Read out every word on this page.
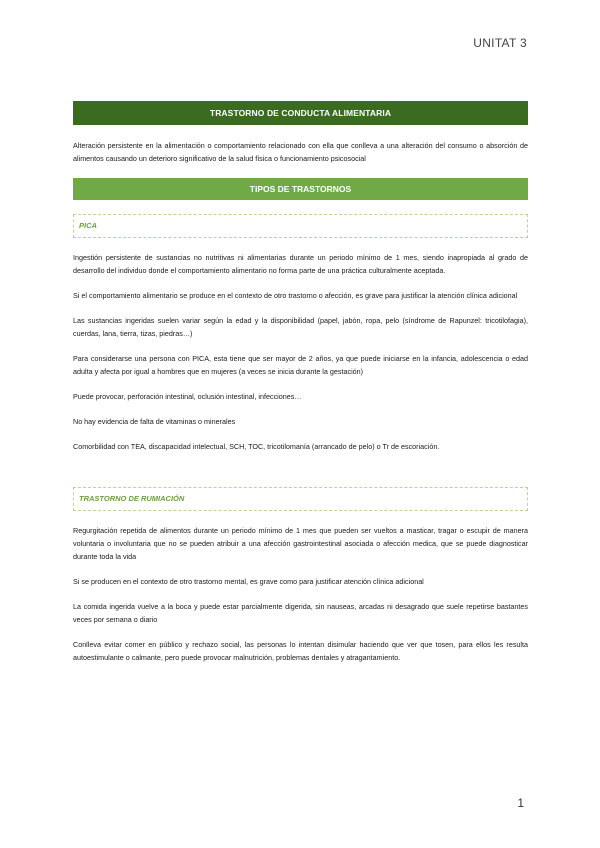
UNITAT 3
TRASTORNO DE CONDUCTA ALIMENTARIA

Alteración persistente en la alimentación o comportamiento relacionado con ella que conlleva a una alteración del consumo o absorción de alimentos causando un deterioro significativo de la salud física o funcionamiento psicosocial

TIPOS DE TRASTORNOS
PICA

Ingestión persistente de sustancias no nutritivas ni alimentarias durante un periodo mínimo de 1 mes, siendo inapropiada al grado de desarrollo del individuo donde el comportamiento alimentario no forma parte de una práctica culturalmente aceptada.

Si el comportamiento alimentario se produce en el contexto de otro trastorno o afección, es grave para justificar la atención clínica adicional

Las sustancias ingeridas suelen variar según la edad y la disponibilidad (papel, jabón, ropa, pelo (síndrome de Rapunzel: tricotilofagia), cuerdas, lana, tierra, tizas, piedras…)

Para considerarse una persona con PICA, esta tiene que ser mayor de 2 años, ya que puede iniciarse en la infancia, adolescencia o edad adulta y afecta por igual a hombres que en mujeres (a veces se inicia durante la gestación)

Puede provocar, perforación intestinal, oclusión intestinal, infecciones…

No hay evidencia de falta de vitaminas o minerales

Comorbilidad con TEA, discapacidad intelectual, SCH, TOC, tricotilomanía (arrancado de pelo) o Tr de escoriación.

TRASTORNO DE RUMIACIÓN

Regurgitación repetida de alimentos durante un periodo mínimo de 1 mes que pueden ser vueltos a masticar, tragar o escupir de manera voluntaria o involuntaria que no se pueden atribuir a una afección gastrointestinal asociada o afección medica, que se puede diagnosticar durante toda la vida

Si se producen en el contexto de otro trastorno mental, es grave como para justificar atención clínica adicional

La comida ingerida vuelve a la boca y puede estar parcialmente digerida, sin nauseas, arcadas ni desagrado que suele repetirse bastantes veces por semana o diario

Conlleva evitar comer en público y rechazo social, las personas lo intentan disimular haciendo que ver que tosen, para ellos les resulta autoestimulante o calmante, pero puede provocar malnutrición, problemas dentales y atragantamiento.

1
